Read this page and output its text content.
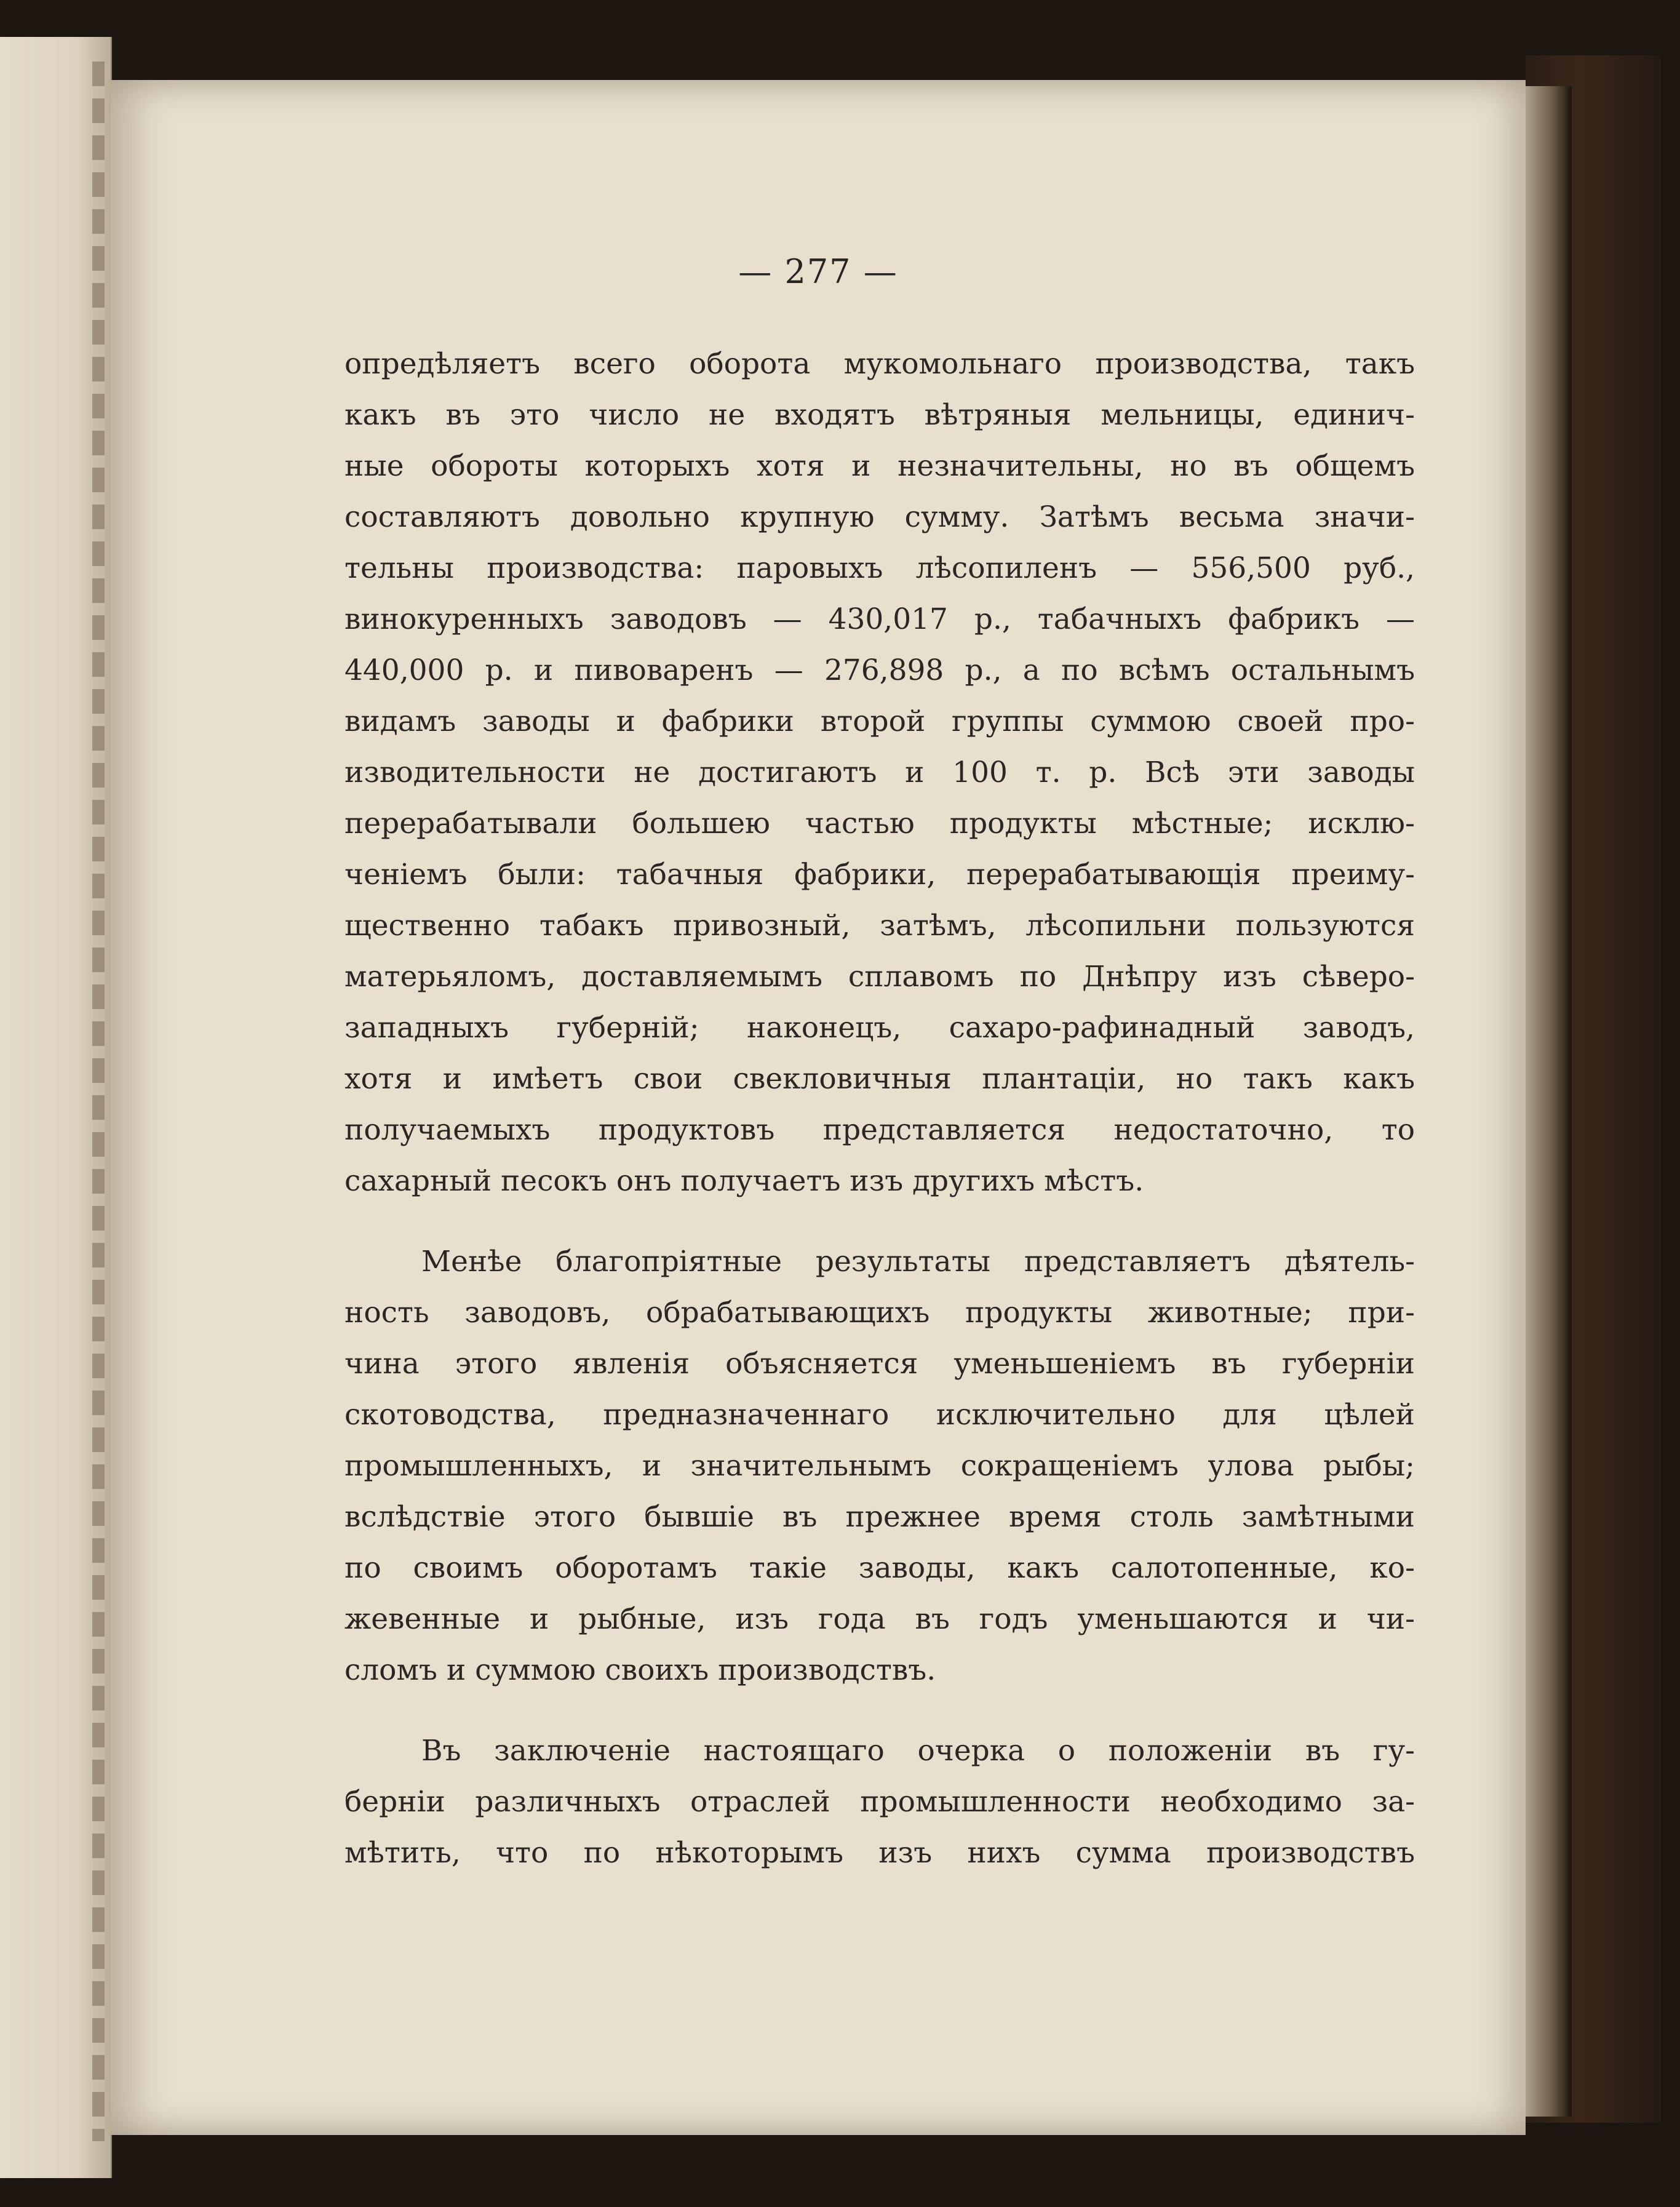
— 277 —
опредѣляетъ всего оборота мукомольнаго производства, такъ
какъ въ это число не входятъ вѣтряныя мельницы, единич-
ные обороты которыхъ хотя и незначительны, но въ общемъ
составляютъ довольно крупную сумму. Затѣмъ весьма значи-
тельны производства: паровыхъ лѣсопиленъ — 556,500 руб.,
винокуренныхъ заводовъ — 430,017 р., табачныхъ фабрикъ —
440,000 р. и пивоваренъ — 276,898 р., а по всѣмъ остальнымъ
видамъ заводы и фабрики второй группы суммою своей про-
изводительности не достигаютъ и 100 т. р. Всѣ эти заводы
перерабатывали большею частью продукты мѣстные; исклю-
ченіемъ были: табачныя фабрики, перерабатывающія преиму-
щественно табакъ привозный, затѣмъ, лѣсопильни пользуются
матерьяломъ, доставляемымъ сплавомъ по Днѣпру изъ сѣверо-
западныхъ губерній; наконецъ, сахаро-рафинадный заводъ,
хотя и имѣетъ свои свекловичныя плантаціи, но такъ какъ
получаемыхъ продуктовъ представляется недостаточно, то
сахарный песокъ онъ получаетъ изъ другихъ мѣстъ.
Менѣе благопріятные результаты представляетъ дѣятель-
ность заводовъ, обрабатывающихъ продукты животные; при-
чина этого явленія объясняется уменьшеніемъ въ губерніи
скотоводства, предназначеннаго исключительно для цѣлей
промышленныхъ, и значительнымъ сокращеніемъ улова рыбы;
вслѣдствіе этого бывшіе въ прежнее время столь замѣтными
по своимъ оборотамъ такіе заводы, какъ салотопенные, ко-
жевенные и рыбные, изъ года въ годъ уменьшаются и чи-
сломъ и суммою своихъ производствъ.
Въ заключеніе настоящаго очерка о положеніи въ гу-
берніи различныхъ отраслей промышленности необходимо за-
мѣтить, что по нѣкоторымъ изъ нихъ сумма производствъ
